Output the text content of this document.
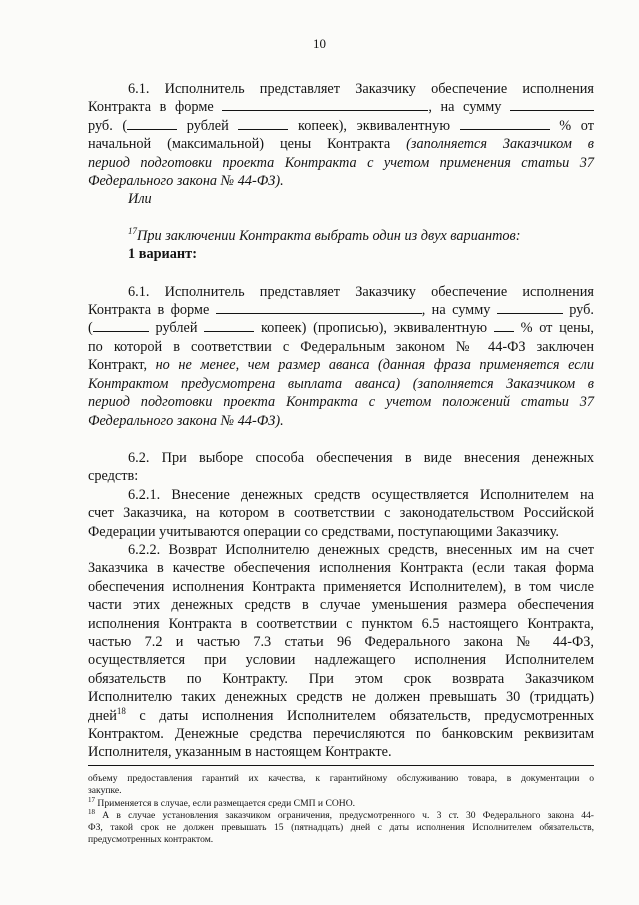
10

6.1. Исполнитель представляет Заказчику обеспечение исполнения

Контракта в форме	, на сумму

руб. (	рублей	копеек), эквивалентную	% от

начальной (максимальной) цены Контракта (заполняется Заказчиком в

период подготовки проекта Контракта с учетом применения статьи 37

Федерального закона № 44-ФЗ).

Или

$^{17}$При заключении Контракта выбрать один из двух вариантов:

1 вариант:

6.1. Исполнитель представляет Заказчику обеспечение исполнения

Контракта в форме	, на сумму	руб.

(	рублей	копеек) (прописью), эквивалентную % от цены,

по которой в соответствии с Федеральным законом № 44-ФЗ заключен

Контракт, но не менее, чем размер аванса (данная фраза применяется если

Контрактом предусмотрена выплата аванса) (заполняется Заказчиком в

период подготовки проекта Контракта с учетом положений статьи 37

Федерального закона № 44-ФЗ).

6.2. При выборе способа обеспечения в виде внесения денежных

средств:

6.2.1. Внесение денежных средств осуществляется Исполнителем на

счет Заказчика, на котором в соответствии с законодательством Российской

Федерации учитываются операции со средствами, поступающими Заказчику.

6.2.2. Возврат Исполнителю денежных средств, внесенных им на счет

Заказчика в качестве обеспечения исполнения Контракта (если такая форма

обеспечения исполнения Контракта применяется Исполнителем), в том числе

части этих денежных средств в случае уменьшения размера обеспечения

исполнения Контракта в соответствии с пунктом 6.5 настоящего Контракта,

частью 7.2 и частью 7.3 статьи 96 Федерального закона № 44-ФЗ,

осуществляется при условии надлежащего исполнения Исполнителем

обязательств по Контракту. При этом срок возврата Заказчиком

Исполнителю таких денежных средств не должен превышать 30 (тридцать)

дней$^{18}$ с даты исполнения Исполнителем обязательств, предусмотренных

Контрактом. Денежные средства перечисляются по банковским реквизитам

Исполнителя, указанным в настоящем Контракте.

объему предоставления гарантий их качества, к гарантийному обслуживанию товара, в документации о

закупке.

$^{17}$ Применяется в случае, если размещается среди СМП и СОНО.

$^{18}$ А в случае установления заказчиком ограничения, предусмотренного ч. 3 ст. 30 Федерального закона 44-

ФЗ, такой срок не должен превышать 15 (пятнадцать) дней с даты исполнения Исполнителем обязательств,

предусмотренных контрактом.
